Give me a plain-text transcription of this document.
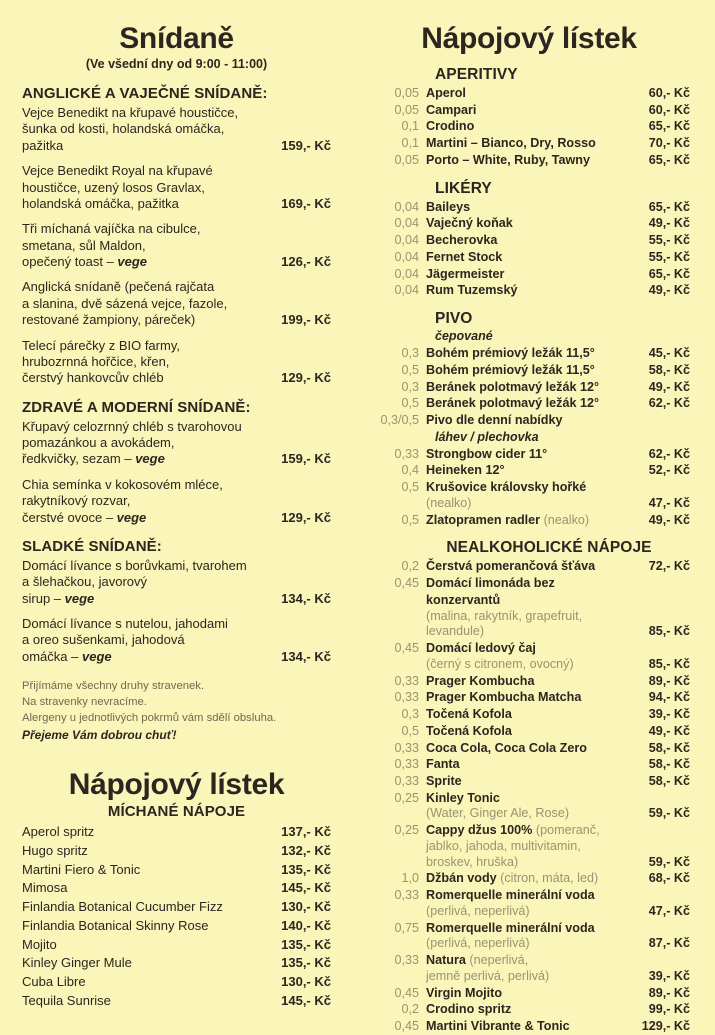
Snídaně
(Ve všední dny od 9:00 - 11:00)
ANGLICKÉ A VAJEČNÉ SNÍDANĚ:
Vejce Benedikt na křupavé houstičce,
šunka od kosti, holandská omáčka,
pažitka	159,- Kč
Vejce Benedikt Royal na křupavé
houstičce, uzený losos Gravlax,
holandská omáčka, pažitka	169,- Kč
Tři míchaná vajíčka na cibulce,
smetana, sůl Maldon,
opečený toast – vege	126,- Kč
Anglická snídaně (pečená rajčata
a slanina, dvě sázená vejce, fazole,
restované žampiony, páreček)	199,- Kč
Telecí párečky z BIO farmy,
hrubozrnná hořčice, křen,
čerstvý hankovcův chléb	129,- Kč
ZDRAVÉ A MODERNÍ SNÍDANĚ:
Křupavý celozrnný chléb s tvarohovou
pomazánkou a avokádem,
ředkvičky, sezam – vege	159,- Kč
Chia semínka v kokosovém mléce,
rakytníkový rozvar,
čerstvé ovoce – vege	129,- Kč
SLADKÉ SNÍDANĚ:
Domácí lívance s borůvkami, tvarohem
a šlehačkou, javorový
sirup – vege	134,- Kč
Domácí lívance s nutelou, jahodami
a oreo sušenkami, jahodová
omáčka – vege	134,- Kč
Přijímáme všechny druhy stravenek.
Na stravenky nevracíme.
Alergeny u jednotlivých pokrmů vám sdělí obsluha.
Přejeme Vám dobrou chuť!
Nápojový lístek
MÍCHANÉ NÁPOJE
Aperol spritz	137,- Kč
Hugo spritz	132,- Kč
Martini Fiero & Tonic	135,- Kč
Mimosa	145,- Kč
Finlandia Botanical Cucumber Fizz	130,- Kč
Finlandia Botanical Skinny Rose	140,- Kč
Mojito	135,- Kč
Kinley Ginger Mule	135,- Kč
Cuba Libre	130,- Kč
Tequila Sunrise	145,- Kč
Nápojový lístek
APERITIVY
0,05 Aperol	60,- Kč
0,05 Campari	60,- Kč
0,1 Crodino	65,- Kč
0,1 Martini – Bianco, Dry, Rosso	70,- Kč
0,05 Porto – White, Ruby, Tawny	65,- Kč
LIKÉRY
0,04 Baileys	65,- Kč
0,04 Vaječný koňak	49,- Kč
0,04 Becherovka	55,- Kč
0,04 Fernet Stock	55,- Kč
0,04 Jägermeister	65,- Kč
0,04 Rum Tuzemský	49,- Kč
PIVO
čepované
0,3 Bohém prémiový ležák 11,5°	45,- Kč
0,5 Bohém prémiový ležák 11,5°	58,- Kč
0,3 Beránek polotmavý ležák 12°	49,- Kč
0,5 Beránek polotmavý ležák 12°	62,- Kč
0,3/0,5 Pivo dle denní nabídky
láhev / plechovka
0,33 Strongbow cider 11°	62,- Kč
0,4 Heineken 12°	52,- Kč
0,5 Krušovice královsky hořké
(nealko)	47,- Kč
0,5 Zlatopramen radler (nealko)	49,- Kč
NEALKOHOLICKÉ NÁPOJE
0,2 Čerstvá pomerančová šťáva	72,- Kč
0,45 Domácí limonáda bez konzervantů
(malina, rakytník, grapefruit,
levandule)	85,- Kč
0,45 Domácí ledový čaj
(černý s citronem, ovocný)	85,- Kč
0,33 Prager Kombucha	89,- Kč
0,33 Prager Kombucha Matcha	94,- Kč
0,3 Točená Kofola	39,- Kč
0,5 Točená Kofola	49,- Kč
0,33 Coca Cola, Coca Cola Zero	58,- Kč
0,33 Fanta	58,- Kč
0,33 Sprite	58,- Kč
0,25 Kinley Tonic
(Water, Ginger Ale, Rose)	59,- Kč
0,25 Cappy džus 100% (pomeranč,
jablko, jahoda, multivitamin,
broskev, hruška)	59,- Kč
1,0 Džbán vody (citron, máta, led)	68,- Kč
0,33 Romerquelle minerální voda
(perlivá, neperlivá)	47,- Kč
0,75 Romerquelle minerální voda
(perlivá, neperlivá)	87,- Kč
0,33 Natura (neperlivá,
jemně perlivá, perlivá)	39,- Kč
0,45 Virgin Mojito	89,- Kč
0,2 Crodino spritz	99,- Kč
0,45 Martini Vibrante & Tonic	129,- Kč
